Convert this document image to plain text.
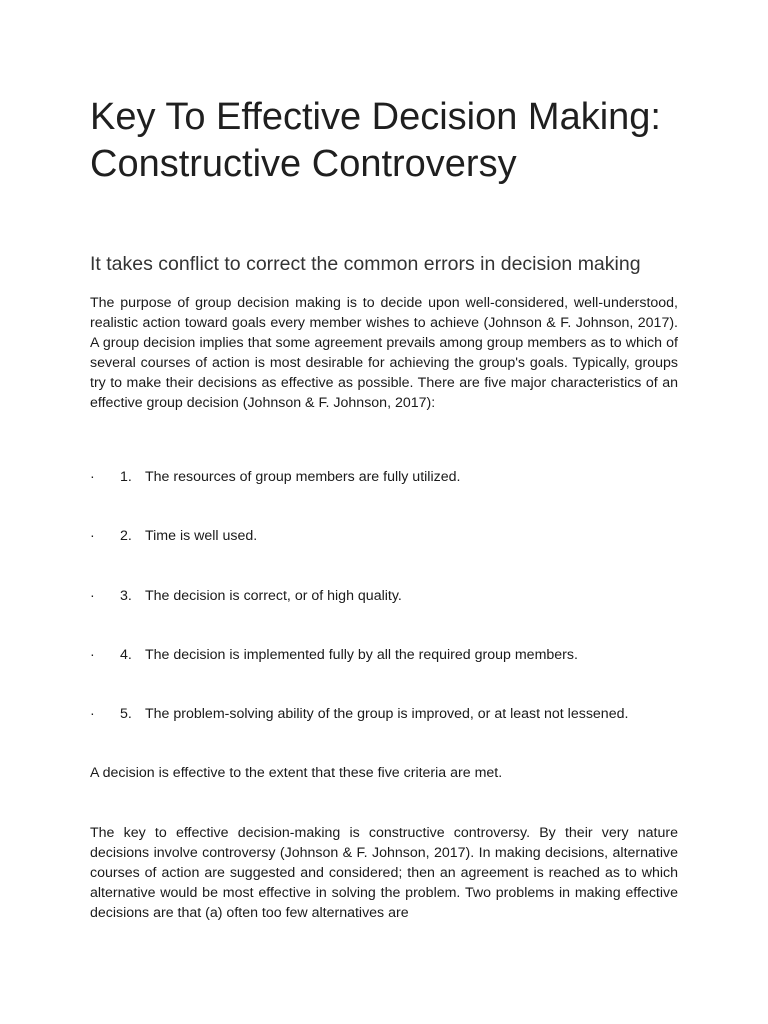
Key To Effective Decision Making: Constructive Controversy
It takes conflict to correct the common errors in decision making

The purpose of group decision making is to decide upon well-considered, well-understood, realistic action toward goals every member wishes to achieve (Johnson & F. Johnson, 2017). A group decision implies that some agreement prevails among group members as to which of several courses of action is most desirable for achieving the group's goals. Typically, groups try to make their decisions as effective as possible. There are five major characteristics of an effective group decision (Johnson & F. Johnson, 2017):

· 1. The resources of group members are fully utilized.
· 2. Time is well used.
· 3. The decision is correct, or of high quality.
· 4. The decision is implemented fully by all the required group members.
· 5. The problem-solving ability of the group is improved, or at least not lessened.

A decision is effective to the extent that these five criteria are met.

The key to effective decision-making is constructive controversy. By their very nature decisions involve controversy (Johnson & F. Johnson, 2017). In making decisions, alternative courses of action are suggested and considered; then an agreement is reached as to which alternative would be most effective in solving the problem. Two problems in making effective decisions are that (a) often too few alternatives are
